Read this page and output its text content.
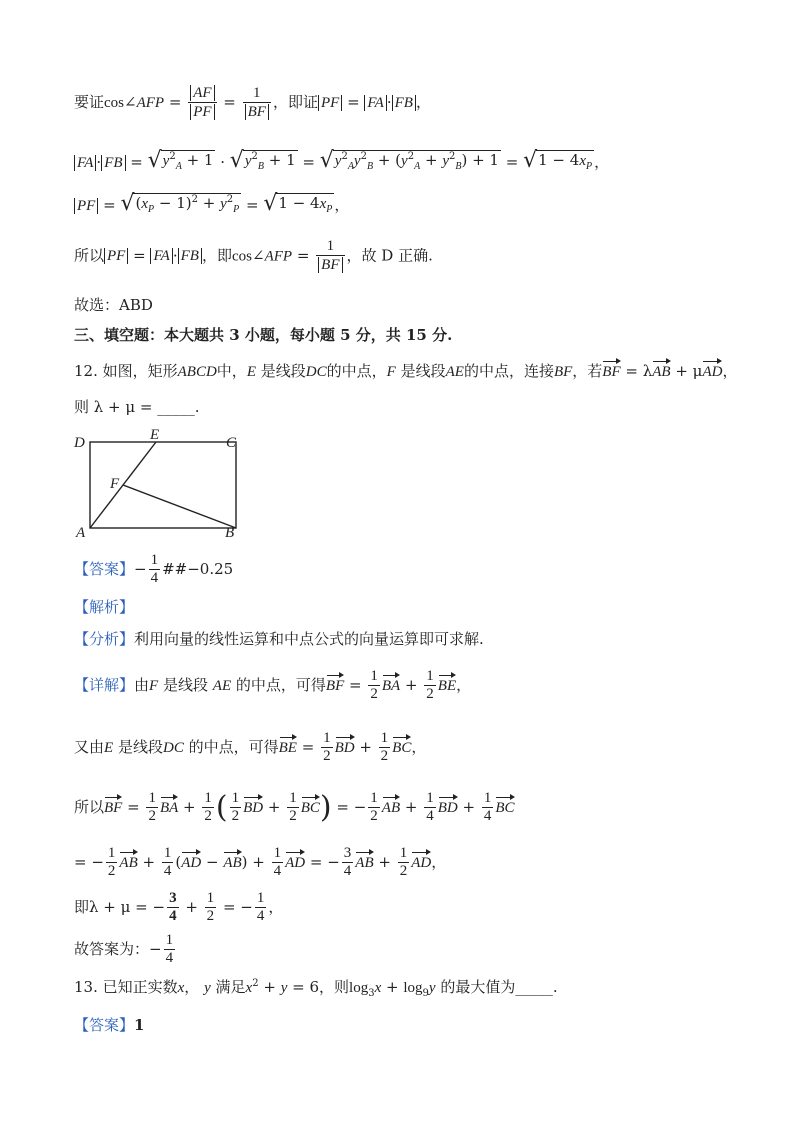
要证cos∠AFP = $\frac{AF}{PF} = \frac{1}{BF}$ ，即证 PF = FA · FB ，
FA · FB = √ $y^2_A + 1$ · √ $y^2_B + 1$ = √ $y^2_Ay^2_B + (y^2_A + y^2_B) + 1$ = √ $1 - 4x_P$ ，
PF = √ $(x_P - 1)^2 + y^2_P$ = √ $1 - 4x_P$ ，
所以 PF = FA · FB ，即cos∠AFP = $\frac{1}{BF}$ ，故 D 正确.
故选：ABD
三、填空题：本大题共 3 小题，每小题 5 分，共 15 分.
12. 如图，矩形ABCD中，E 是线段DC的中点，F 是线段AE的中点，连接BF，若BF = λAB + μAD，
则 λ + μ = _____.
D	E	C
F
A	B
【答案】− $\frac{1}{4}$ ##−0.25
【解析】
【分析】利用向量的线性运算和中点公式的向量运算即可求解.
【详解】由F 是线段 AE 的中点，可得BF = $\frac{1}{2}$ BA + $\frac{1}{2}$ BE，
又由E 是线段DC 的中点，可得BE = $\frac{1}{2}$ BD + $\frac{1}{2}$ BC，
所以BF = $\frac{1}{2}$ BA + $\frac{1}{2}$ ( $\frac{1}{2}$ BD + $\frac{1}{2} BC$) = − $\frac{1}{2}$ AB + $\frac{1}{4}$ BD + $\frac{1}{4}$ BC
= − $\frac{1}{2}$ AB + $\frac{1}{4} (AD - AB) + \frac{1}{4}$ AD = − $\frac{3}{4}$ AB + $\frac{1}{2}$ AD，
即λ + μ = − $\frac{3}{4} + \frac{1}{2}$ = − $\frac{1}{4}$ ，
故答案为：− $\frac{1}{4}$
13. 已知正实数x， y 满足$x^2 + y = 6$，则$\log_3x + \log_9y$ 的最大值为_____.
【答案】1
